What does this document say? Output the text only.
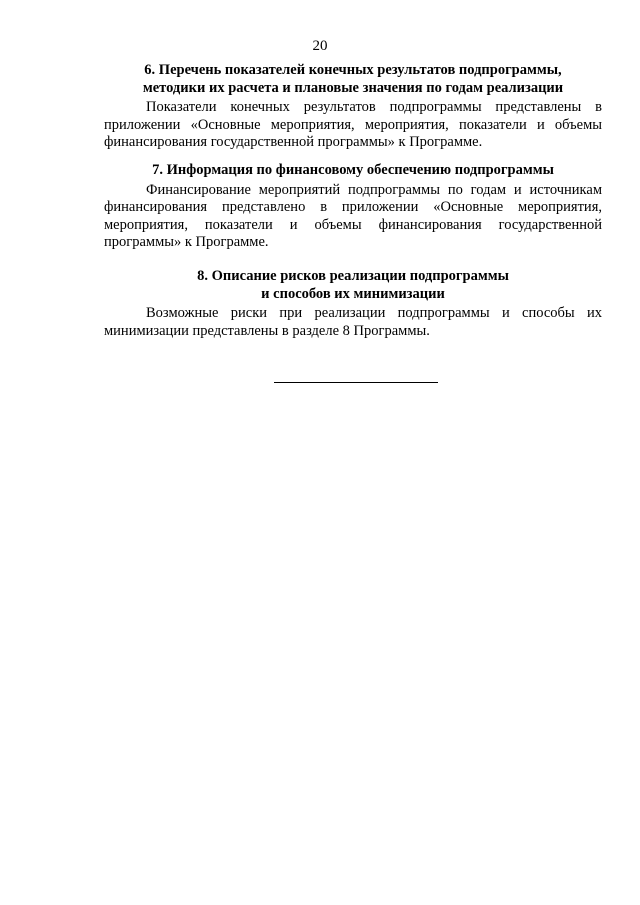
20
6. Перечень показателей конечных результатов подпрограммы,
методики их расчета и плановые значения по годам реализации

Показатели конечных результатов подпрограммы представлены в приложении «Основные мероприятия, мероприятия, показатели и объемы финансирования государственной программы» к Программе.

7. Информация по финансовому обеспечению подпрограммы

Финансирование мероприятий подпрограммы по годам и источникам финансирования представлено в приложении «Основные мероприятия, мероприятия, показатели и объемы финансирования государственной программы» к Программе.

8. Описание рисков реализации подпрограммы
и способов их минимизации

Возможные риски при реализации подпрограммы и способы их минимизации представлены в разделе 8 Программы.
